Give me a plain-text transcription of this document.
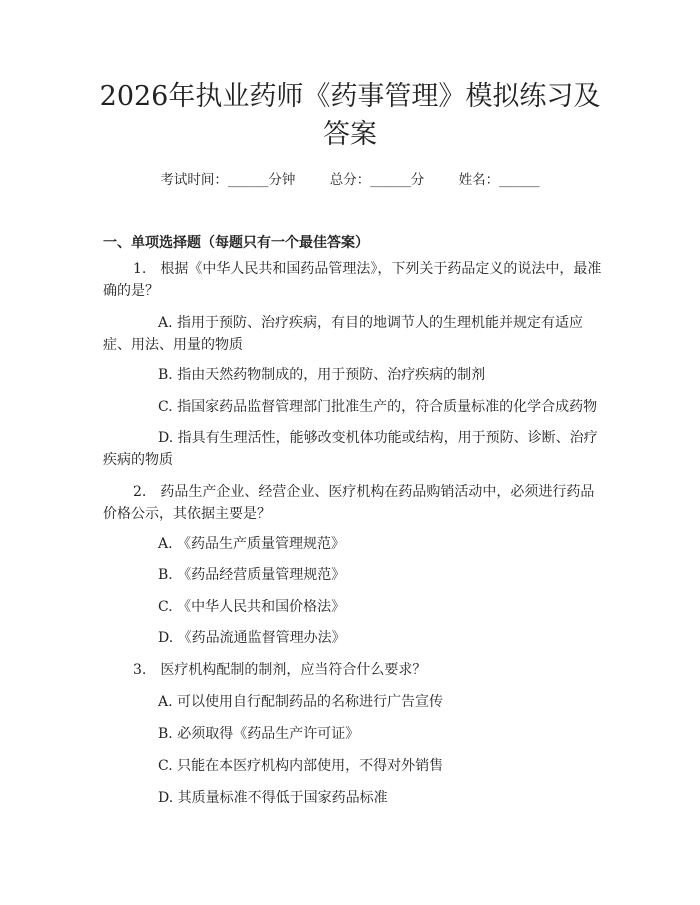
2026年执业药师《药事管理》模拟练习及答案
考试时间：______分钟	总分：______分	姓名：______
一、单项选择题（每题只有一个最佳答案）
1.　根据《中华人民共和国药品管理法》，下列关于药品定义的说法中，最准确的是？
A. 指用于预防、治疗疾病，有目的地调节人的生理机能并规定有适应症、用法、用量的物质
B. 指由天然药物制成的，用于预防、治疗疾病的制剂
C. 指国家药品监督管理部门批准生产的，符合质量标准的化学合成药物
D. 指具有生理活性，能够改变机体功能或结构，用于预防、诊断、治疗疾病的物质
2.　药品生产企业、经营企业、医疗机构在药品购销活动中，必须进行药品价格公示，其依据主要是？
A. 《药品生产质量管理规范》
B. 《药品经营质量管理规范》
C. 《中华人民共和国价格法》
D. 《药品流通监督管理办法》
3.　医疗机构配制的制剂，应当符合什么要求？
A. 可以使用自行配制药品的名称进行广告宣传
B. 必须取得《药品生产许可证》
C. 只能在本医疗机构内部使用，不得对外销售
D. 其质量标准不得低于国家药品标准
